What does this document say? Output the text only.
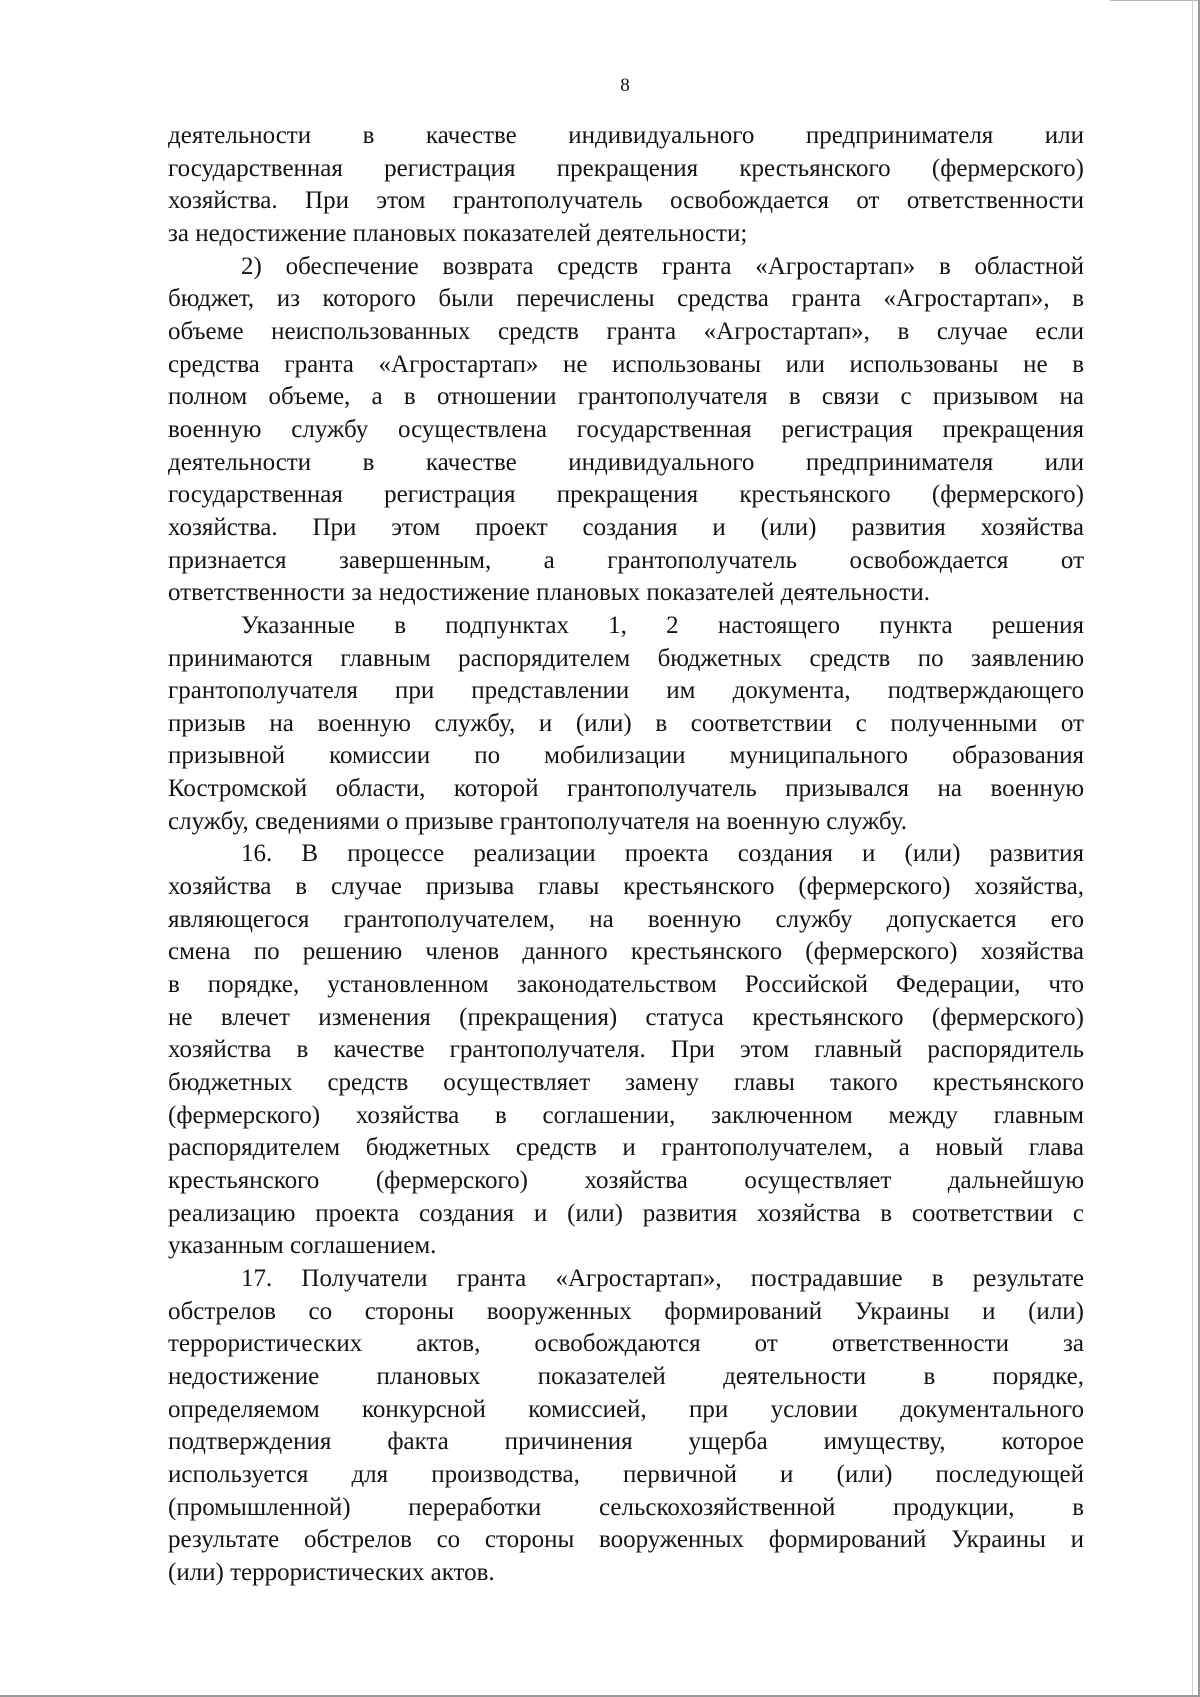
8
деятельности в качестве индивидуального предпринимателя или
государственная регистрация прекращения крестьянского (фермерского)
хозяйства. При этом грантополучатель освобождается от ответственности
за недостижение плановых показателей деятельности;
2) обеспечение возврата средств гранта «Агростартап» в областной
бюджет, из которого были перечислены средства гранта «Агростартап», в
объеме неиспользованных средств гранта «Агростартап», в случае если
средства гранта «Агростартап» не использованы или использованы не в
полном объеме, а в отношении грантополучателя в связи с призывом на
военную службу осуществлена государственная регистрация прекращения
деятельности в качестве индивидуального предпринимателя или
государственная регистрация прекращения крестьянского (фермерского)
хозяйства. При этом проект создания и (или) развития хозяйства
признается завершенным, а грантополучатель освобождается от
ответственности за недостижение плановых показателей деятельности.
Указанные в подпунктах 1, 2 настоящего пункта решения
принимаются главным распорядителем бюджетных средств по заявлению
грантополучателя при представлении им документа, подтверждающего
призыв на военную службу, и (или) в соответствии с полученными от
призывной комиссии по мобилизации муниципального образования
Костромской области, которой грантополучатель призывался на военную
службу, сведениями о призыве грантополучателя на военную службу.
16. В процессе реализации проекта создания и (или) развития
хозяйства в случае призыва главы крестьянского (фермерского) хозяйства,
являющегося грантополучателем, на военную службу допускается его
смена по решению членов данного крестьянского (фермерского) хозяйства
в порядке, установленном законодательством Российской Федерации, что
не влечет изменения (прекращения) статуса крестьянского (фермерского)
хозяйства в качестве грантополучателя. При этом главный распорядитель
бюджетных средств осуществляет замену главы такого крестьянского
(фермерского) хозяйства в соглашении, заключенном между главным
распорядителем бюджетных средств и грантополучателем, а новый глава
крестьянского (фермерского) хозяйства осуществляет дальнейшую
реализацию проекта создания и (или) развития хозяйства в соответствии с
указанным соглашением.
17. Получатели гранта «Агростартап», пострадавшие в результате
обстрелов со стороны вооруженных формирований Украины и (или)
террористических актов, освобождаются от ответственности за
недостижение плановых показателей деятельности в порядке,
определяемом конкурсной комиссией, при условии документального
подтверждения факта причинения ущерба имуществу, которое
используется для производства, первичной и (или) последующей
(промышленной) переработки сельскохозяйственной продукции, в
результате обстрелов со стороны вооруженных формирований Украины и
(или) террористических актов.
